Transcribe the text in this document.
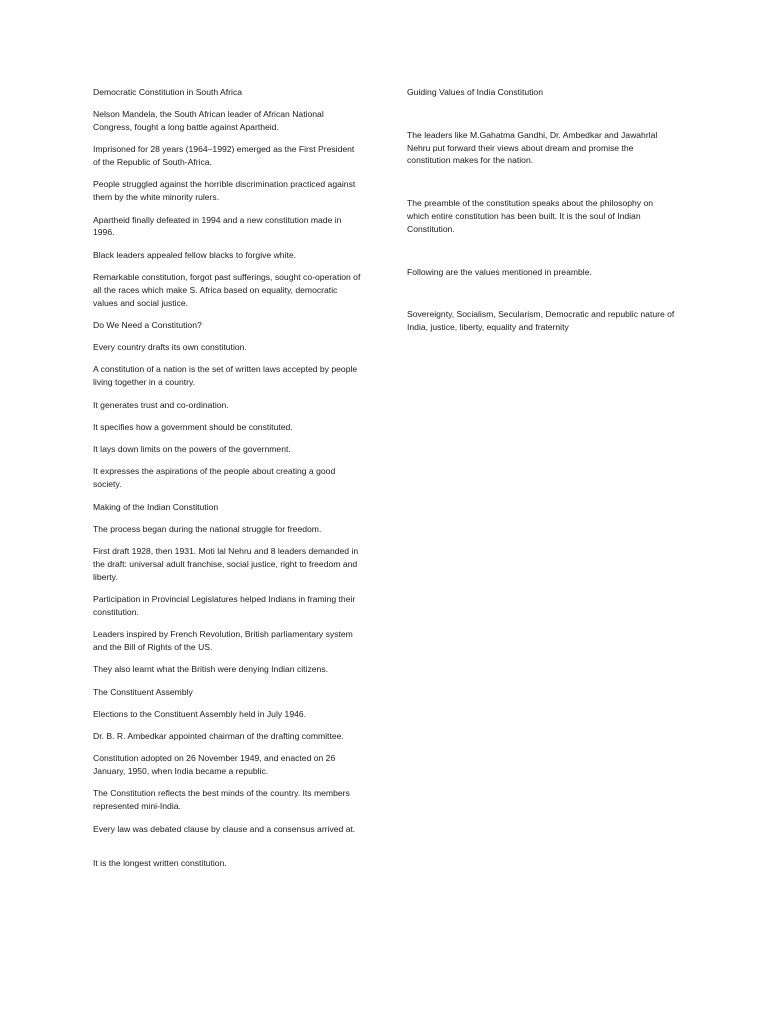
Democratic Constitution in South Africa

Nelson Mandela, the South African leader of African National Congress, fought a long battle against Apartheid.

Imprisoned for 28 years (1964–1992) emerged as the First President of the Republic of South-Africa.

People struggled against the horrible discrimination practiced against them by the white minority rulers.

Apartheid finally defeated in 1994 and a new constitution made in 1996.

Black leaders appealed fellow blacks to forgive white.

Remarkable constitution, forgot past sufferings, sought co-operation of all the races which make S. Africa based on equality, democratic values and social justice.

Do We Need a Constitution?

Every country drafts its own constitution.

A constitution of a nation is the set of written laws accepted by people living together in a country.

It generates trust and co-ordination.

It specifies how a government should be constituted.

It lays down limits on the powers of the government.

It expresses the aspirations of the people about creating a good society.

Making of the Indian Constitution

The process began during the national struggle for freedom.

First draft 1928, then 1931. Moti lal Nehru and 8 leaders demanded in the draft: universal adult franchise, social justice, right to freedom and liberty.

Participation in Provincial Legislatures helped Indians in framing their constitution.

Leaders inspired by French Revolution, British parliamentary system and the Bill of Rights of the US.

They also learnt what the British were denying Indian citizens.

The Constituent Assembly

Elections to the Constituent Assembly held in July 1946.

Dr. B. R. Ambedkar appointed chairman of the drafting committee.

Constitution adopted on 26 November 1949, and enacted on 26 January, 1950, when India became a republic.

The Constitution reflects the best minds of the country. Its members represented mini-India.

Every law was debated clause by clause and a consensus arrived at.

It is the longest written constitution.

Guiding Values of India Constitution

The leaders like M.Gahatma Gandhi, Dr. Ambedkar and Jawahrlal Nehru put forward their views about dream and promise the constitution makes for the nation.

The preamble of the constitution speaks about the philosophy on which entire constitution has been built. It is the soul of Indian Constitution.

Following are the values mentioned in preamble.

Sovereignty, Socialism, Secularism, Democratic and republic nature of India, justice, liberty, equality and fraternity
